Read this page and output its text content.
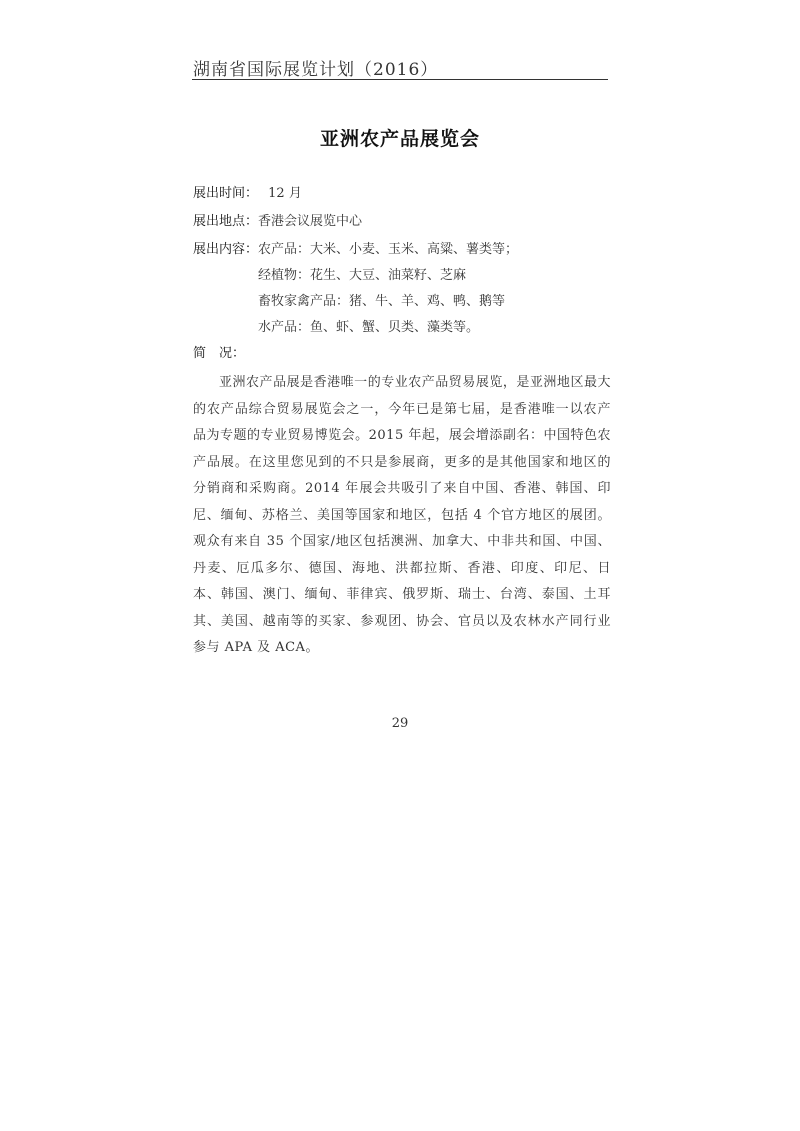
湖南省国际展览计划（2016）
亚洲农产品展览会
展出时间： 12 月
展出地点：香港会议展览中心
展出内容：农产品：大米、小麦、玉米、高粱、薯类等；
经植物：花生、大豆、油菜籽、芝麻
畜牧家禽产品：猪、牛、羊、鸡、鸭、鹅等
水产品：鱼、虾、蟹、贝类、藻类等。
简　况：
亚洲农产品展是香港唯一的专业农产品贸易展览，是亚洲地区最大的农产品综合贸易展览会之一，今年已是第七届，是香港唯一以农产品为专题的专业贸易博览会。2015 年起，展会增添副名：中国特色农产品展。在这里您见到的不只是参展商，更多的是其他国家和地区的分销商和采购商。2014 年展会共吸引了来自中国、香港、韩国、印尼、缅甸、苏格兰、美国等国家和地区，包括 4 个官方地区的展团。观众有来自 35 个国家/地区包括澳洲、加拿大、中非共和国、中国、丹麦、厄瓜多尔、德国、海地、洪都拉斯、香港、印度、印尼、日本、韩国、澳门、缅甸、菲律宾、俄罗斯、瑞士、台湾、泰国、土耳其、美国、越南等的买家、参观团、协会、官员以及农林水产同行业参与 APA 及 ACA。
29
